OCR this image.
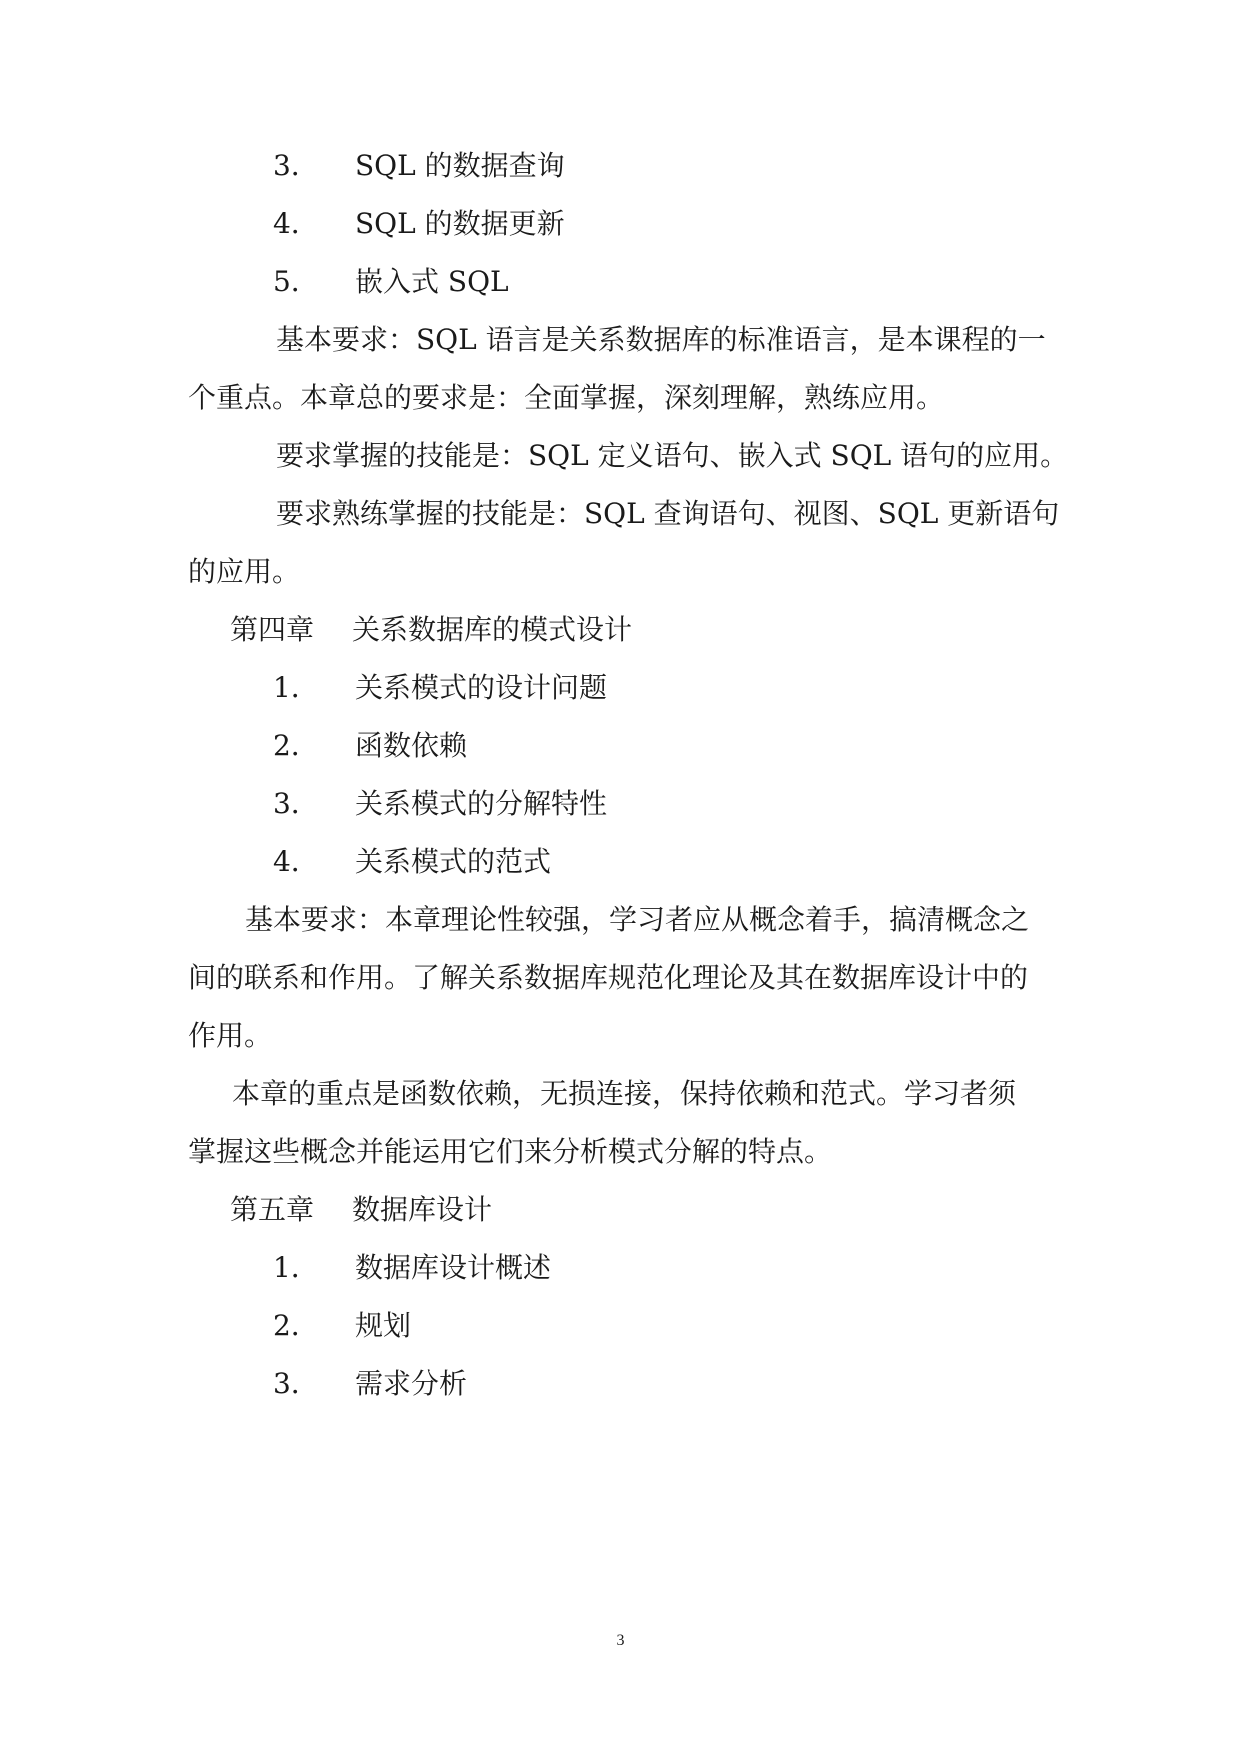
3． SQL 的数据查询

4． SQL 的数据更新

5． 嵌入式 SQL

基本要求：SQL 语言是关系数据库的标准语言，是本课程的一

个重点。本章总的要求是：全面掌握，深刻理解，熟练应用。

要求掌握的技能是：SQL 定义语句、嵌入式 SQL 语句的应用。

要求熟练掌握的技能是：SQL 查询语句、视图、SQL 更新语句

的应用。

第四章 关系数据库的模式设计

1． 关系模式的设计问题

2． 函数依赖

3． 关系模式的分解特性

4． 关系模式的范式

基本要求：本章理论性较强，学习者应从概念着手，搞清概念之

间的联系和作用。了解关系数据库规范化理论及其在数据库设计中的

作用。

本章的重点是函数依赖，无损连接，保持依赖和范式。学习者须

掌握这些概念并能运用它们来分析模式分解的特点。

第五章 数据库设计

1． 数据库设计概述

2． 规划

3． 需求分析

3
